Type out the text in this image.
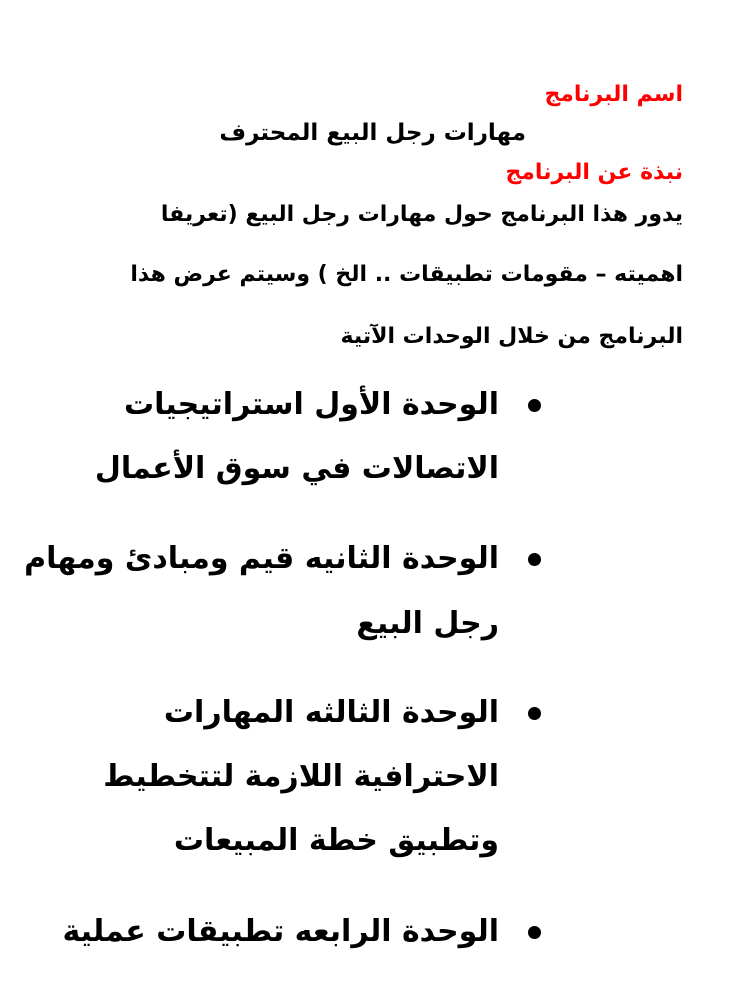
اسم البرنامج
مهارات رجل البيع المحترف
نبذة عن البرنامج
يدور هذا البرنامج حول مهارات رجل البيع (تعريفا
اهميته – مقومات تطبيقات .. الخ ) وسيتم عرض هذا
البرنامج من خلال الوحدات الآتية
الوحدة الأول استراتيجيات
الاتصالات في سوق الأعمال
الوحدة الثانيه قيم ومبادئ ومهام
رجل البيع
الوحدة الثالثه المهارات
الاحترافية اللازمة لتتخطيط
وتطبيق خطة المبيعات
الوحدة الرابعه تطبيقات عملية
